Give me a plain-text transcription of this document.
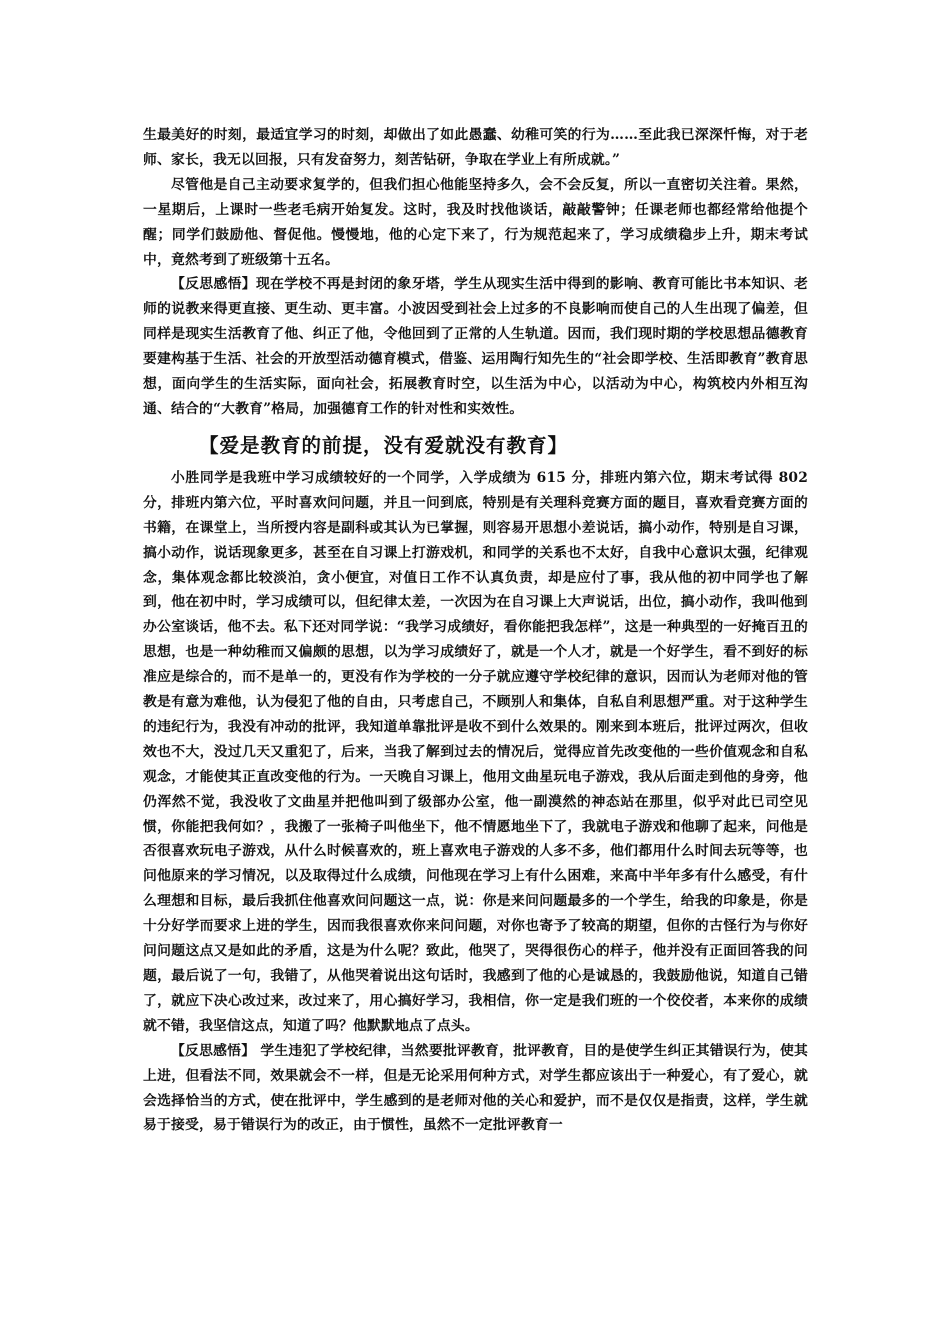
生最美好的时刻，最适宜学习的时刻，却做出了如此愚蠢、幼稚可笑的行为……至此我已深深忏悔，对于老师、家长，我无以回报，只有发奋努力，刻苦钻研，争取在学业上有所成就。”

尽管他是自己主动要求复学的，但我们担心他能坚持多久，会不会反复，所以一直密切关注着。果然，一星期后，上课时一些老毛病开始复发。这时，我及时找他谈话，敲敲警钟；任课老师也都经常给他提个醒；同学们鼓励他、督促他。慢慢地，他的心定下来了，行为规范起来了，学习成绩稳步上升，期末考试中，竟然考到了班级第十五名。

【反思感悟】现在学校不再是封闭的象牙塔，学生从现实生活中得到的影响、教育可能比书本知识、老师的说教来得更直接、更生动、更丰富。小波因受到社会上过多的不良影响而使自己的人生出现了偏差，但同样是现实生活教育了他、纠正了他，令他回到了正常的人生轨道。因而，我们现时期的学校思想品德教育要建构基于生活、社会的开放型活动德育模式，借鉴、运用陶行知先生的“社会即学校、生活即教育”教育思想，面向学生的生活实际，面向社会，拓展教育时空，以生活为中心，以活动为中心，构筑校内外相互沟通、结合的“大教育”格局，加强德育工作的针对性和实效性。

【爱是教育的前提，没有爱就没有教育】

小胜同学是我班中学习成绩较好的一个同学，入学成绩为 615 分，排班内第六位，期末考试得 802 分，排班内第六位，平时喜欢问问题，并且一问到底，特别是有关理科竞赛方面的题目，喜欢看竞赛方面的书籍，在课堂上，当所授内容是副科或其认为已掌握，则容易开思想小差说话，搞小动作，特别是自习课，搞小动作，说话现象更多，甚至在自习课上打游戏机，和同学的关系也不太好，自我中心意识太强，纪律观念，集体观念都比较淡泊，贪小便宜，对值日工作不认真负责，却是应付了事，我从他的初中同学也了解到，他在初中时，学习成绩可以，但纪律太差，一次因为在自习课上大声说话，出位，搞小动作，我叫他到办公室谈话，他不去。私下还对同学说：“我学习成绩好，看你能把我怎样”，这是一种典型的一好掩百丑的思想，也是一种幼稚而又偏颇的思想，以为学习成绩好了，就是一个人才，就是一个好学生，看不到好的标准应是综合的，而不是单一的，更没有作为学校的一分子就应遵守学校纪律的意识，因而认为老师对他的管教是有意为难他，认为侵犯了他的自由，只考虑自己，不顾别人和集体，自私自利思想严重。对于这种学生的违纪行为，我没有冲动的批评，我知道单靠批评是收不到什么效果的。刚来到本班后，批评过两次，但收效也不大，没过几天又重犯了，后来，当我了解到过去的情况后，觉得应首先改变他的一些价值观念和自私观念，才能使其正直改变他的行为。一天晚自习课上，他用文曲星玩电子游戏，我从后面走到他的身旁，他仍浑然不觉，我没收了文曲星并把他叫到了级部办公室，他一副漠然的神态站在那里，似乎对此已司空见惯，你能把我何如？，我搬了一张椅子叫他坐下，他不情愿地坐下了，我就电子游戏和他聊了起来，问他是否很喜欢玩电子游戏，从什么时候喜欢的，班上喜欢电子游戏的人多不多，他们都用什么时间去玩等等，也问他原来的学习情况，以及取得过什么成绩，问他现在学习上有什么困难，来高中半年多有什么感受，有什么理想和目标，最后我抓住他喜欢问问题这一点，说：你是来问问题最多的一个学生，给我的印象是，你是十分好学而要求上进的学生，因而我很喜欢你来问问题，对你也寄予了较高的期望，但你的古怪行为与你好问问题这点又是如此的矛盾，这是为什么呢？致此，他哭了，哭得很伤心的样子，他并没有正面回答我的问题，最后说了一句，我错了，从他哭着说出这句话时，我感到了他的心是诚恳的，我鼓励他说，知道自己错了，就应下决心改过来，改过来了，用心搞好学习，我相信，你一定是我们班的一个佼佼者，本来你的成绩就不错，我坚信这点，知道了吗？他默默地点了点头。

【反思感悟】 学生违犯了学校纪律，当然要批评教育，批评教育，目的是使学生纠正其错误行为，使其上进，但看法不同，效果就会不一样，但是无论采用何种方式，对学生都应该出于一种爱心，有了爱心，就会选择恰当的方式，使在批评中，学生感到的是老师对他的关心和爱护，而不是仅仅是指责，这样，学生就易于接受，易于错误行为的改正，由于惯性，虽然不一定批评教育一
